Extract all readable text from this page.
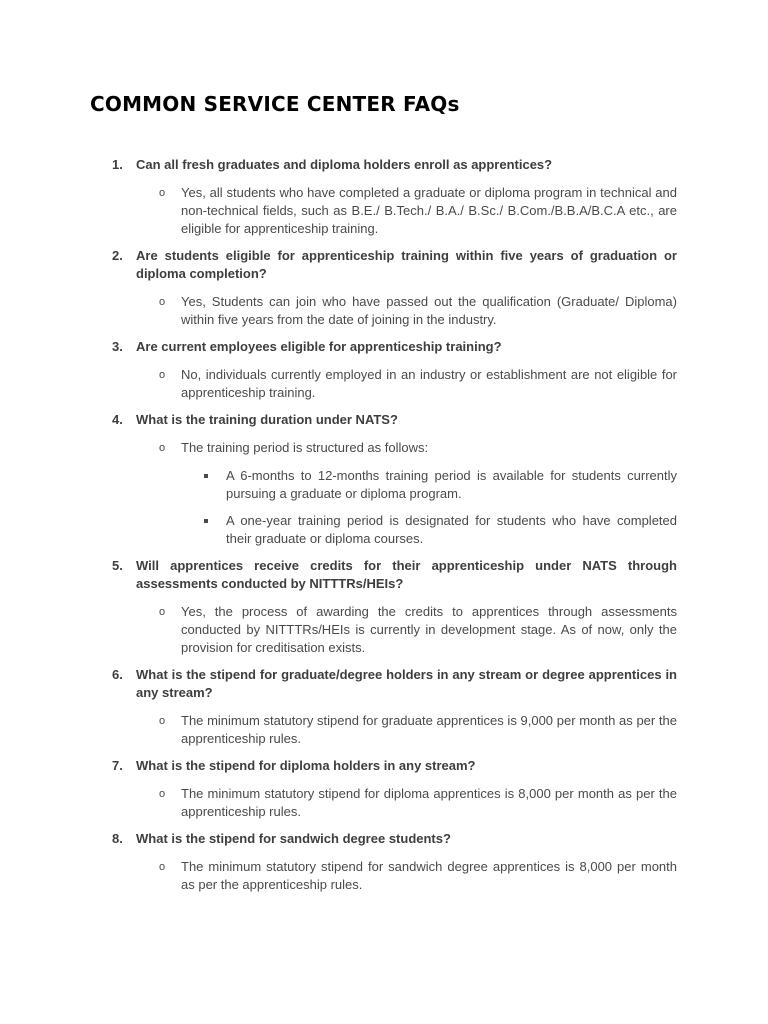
COMMON SERVICE CENTER FAQs
1. Can all fresh graduates and diploma holders enroll as apprentices?

o Yes, all students who have completed a graduate or diploma program in technical and non-technical fields, such as B.E./ B.Tech./ B.A./ B.Sc./ B.Com./B.B.A/B.C.A etc., are eligible for apprenticeship training.
2. Are students eligible for apprenticeship training within five years of graduation or diploma completion?

o Yes, Students can join who have passed out the qualification (Graduate/ Diploma) within five years from the date of joining in the industry.
3. Are current employees eligible for apprenticeship training?

o No, individuals currently employed in an industry or establishment are not eligible for apprenticeship training.
4. What is the training duration under NATS?

o The training period is structured as follows:
A 6-months to 12-months training period is available for students currently pursuing a graduate or diploma program.
A one-year training period is designated for students who have completed their graduate or diploma courses.
5. Will apprentices receive credits for their apprenticeship under NATS through assessments conducted by NITTTRs/HEIs?

o Yes, the process of awarding the credits to apprentices through assessments conducted by NITTTRs/HEIs is currently in development stage. As of now, only the provision for creditisation exists.
6. What is the stipend for graduate/degree holders in any stream or degree apprentices in any stream?

o The minimum statutory stipend for graduate apprentices is 9,000 per month as per the apprenticeship rules.
7. What is the stipend for diploma holders in any stream?

o The minimum statutory stipend for diploma apprentices is 8,000 per month as per the apprenticeship rules.
8. What is the stipend for sandwich degree students?

o The minimum statutory stipend for sandwich degree apprentices is 8,000 per month as per the apprenticeship rules.
